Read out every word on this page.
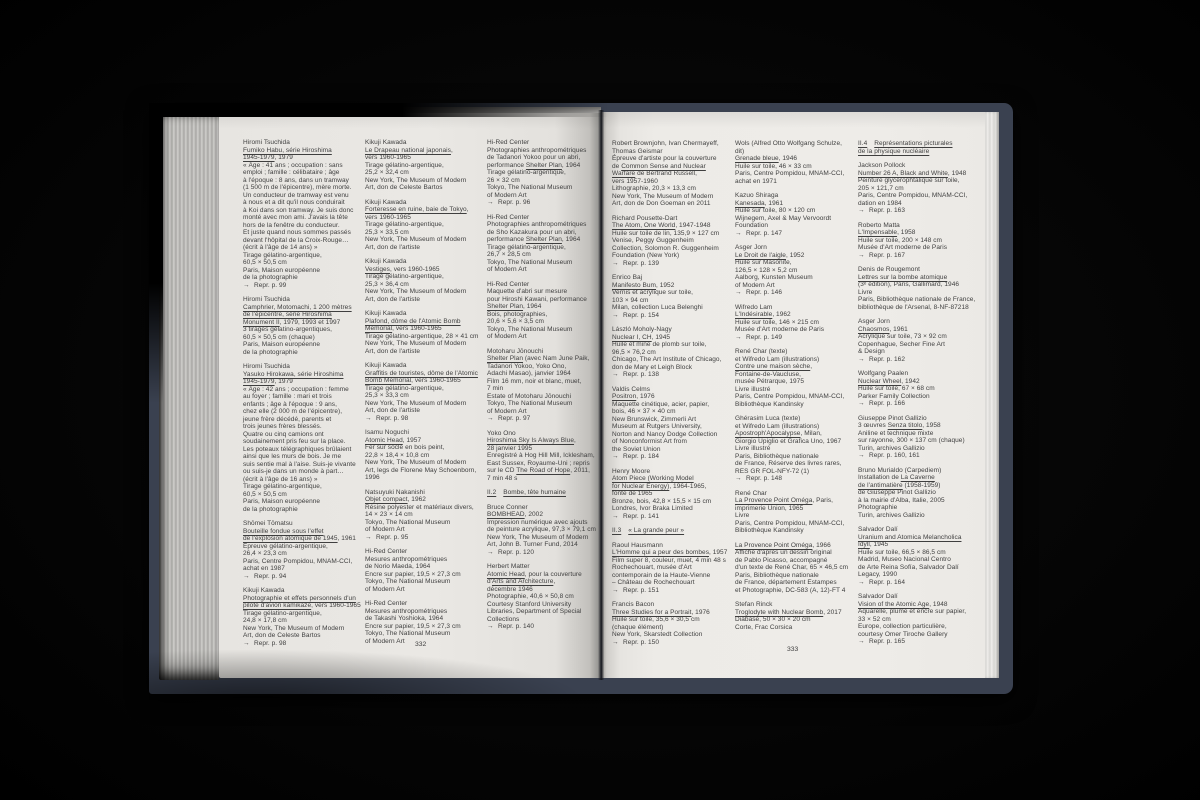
Hiromi Tsuchida
Fumiko Habu, série Hiroshima
1945-1979, 1979
« Âge : 41 ans ; occupation : sans
emploi ; famille : célibataire ; âge
à l'époque : 8 ans, dans un tramway
(1 500 m de l'épicentre), mère morte.
Un conducteur de tramway est venu
à nous et a dit qu'il nous conduirait
à Koi dans son tramway. Je suis donc
monté avec mon ami. J'avais la tête
hors de la fenêtre du conducteur.
Et juste quand nous sommes passés
devant l'hôpital de la Croix-Rouge…
(écrit à l'âge de 14 ans) »
Tirage gélatino-argentique,
60,5 × 50,5 cm
Paris, Maison européenne
de la photographie
→ Repr. p. 99
Hiromi Tsuchida
Camphrier, Motomachi, 1 200 mètres
de l'épicentre, série Hiroshima
Monument II, 1979, 1993 et 1997
3 tirages gélatino-argentiques,
60,5 × 50,5 cm (chaque)
Paris, Maison européenne
de la photographie
Hiromi Tsuchida
Yasuko Hirokawa, série Hiroshima
1945-1979, 1979
« Âge : 42 ans ; occupation : femme
au foyer ; famille : mari et trois
enfants ; âge à l'époque : 9 ans,
chez elle (2 000 m de l'épicentre),
jeune frère décédé, parents et
trois jeunes frères blessés.
Quatre ou cinq camions ont
soudainement pris feu sur la place.
Les poteaux télégraphiques brûlaient
ainsi que les murs de bois. Je me
suis sentie mal à l'aise. Suis-je vivante
ou suis-je dans un monde à part…
(écrit à l'âge de 16 ans) »
Tirage gélatino-argentique,
60,5 × 50,5 cm
Paris, Maison européenne
de la photographie
Shōmei Tōmatsu
Bouteille fondue sous l'effet
de l'explosion atomique de 1945, 1961
Épreuve gélatino-argentique,
26,4 × 23,3 cm
Paris, Centre Pompidou, MNAM-CCI,
achat en 1987
→ Repr. p. 94
Kikuji Kawada
Photographie et effets personnels d'un
pilote d'avion kamikaze, vers 1960-1965
Tirage gélatino-argentique,
24,8 × 17,8 cm
New York, The Museum of Modern
Art, don de Celeste Bartos
→ Repr. p. 98
Kikuji Kawada
Le Drapeau national japonais,
vers 1960-1965
Tirage gélatino-argentique,
25,2 × 32,4 cm
New York, The Museum of Modern
Art, don de Celeste Bartos
Kikuji Kawada
Forteresse en ruine, baie de Tokyo,
vers 1960-1965
Tirage gélatino-argentique,
25,3 × 33,5 cm
New York, The Museum of Modern
Art, don de l'artiste
Kikuji Kawada
Vestiges, vers 1960-1965
Tirage gélatino-argentique,
25,3 × 36,4 cm
New York, The Museum of Modern
Art, don de l'artiste
Kikuji Kawada
Plafond, dôme de l'Atomic Bomb
Memorial, vers 1960-1965
Tirage gélatino-argentique, 28 × 41 cm
New York, The Museum of Modern
Art, don de l'artiste
Kikuji Kawada
Graffitis de touristes, dôme de l'Atomic
Bomb Memorial, vers 1960-1965
Tirage gélatino-argentique,
25,3 × 33,3 cm
New York, The Museum of Modern
Art, don de l'artiste
→ Repr. p. 98
Isamu Noguchi
Atomic Head, 1957
Fer sur socle en bois peint,
22,8 × 18,4 × 10,8 cm
New York, The Museum of Modern
Art, legs de Florene May Schoenborn,
1996
Natsuyuki Nakanishi
Objet compact, 1962
Résine polyester et matériaux divers,
14 × 23 × 14 cm
Tokyo, The National Museum
of Modern Art
→ Repr. p. 95
Hi-Red Center
Mesures anthropométriques
de Norio Maeda, 1964
Encre sur papier, 19,5 × 27,3 cm
Tokyo, The National Museum
of Modern Art
Hi-Red Center
Mesures anthropométriques
de Takashi Yoshioka, 1964
Encre sur papier, 19,5 × 27,3 cm
Tokyo, The National Museum
of Modern Art
Hi-Red Center
Photographies anthropométriques
de Tadanori Yokoo pour un abri,
performance Shelter Plan, 1964
Tirage gélatino-argentique,
26 × 32 cm
Tokyo, The National Museum
of Modern Art
→ Repr. p. 96
Hi-Red Center
Photographies anthropométriques
de Sho Kazakura pour un abri,
performance Shelter Plan, 1964
Tirage gélatino-argentique,
26,7 × 28,5 cm
Tokyo, The National Museum
of Modern Art
Hi-Red Center
Maquette d'abri sur mesure
pour Hiroshi Kawani, performance
Shelter Plan, 1964
Bois, photographies,
20,6 × 5,6 × 3,5 cm
Tokyo, The National Museum
of Modern Art
Motoharu Jōnouchi
Shelter Plan (avec Nam June Paik,
Tadanori Yokoo, Yoko Ono,
Adachi Masao), janvier 1964
Film 16 mm, noir et blanc, muet,
7 min
Estate of Motoharu Jōnouchi
Tokyo, The National Museum
of Modern Art
→ Repr. p. 97
Yoko Ono
Hiroshima Sky Is Always Blue,
28 janvier 1995
Enregistré à Hog Hill Mill, Icklesham,
East Sussex, Royaume-Uni ; repris
sur le CD The Road of Hope, 2011,
7 min 48 s
II.2 Bombe, tête humaine
Bruce Conner
BOMBHEAD, 2002
Impression numérique avec ajouts
de peinture acrylique, 97,3 × 79,1 cm
New York, The Museum of Modern
Art, John B. Turner Fund, 2014
→ Repr. p. 120
Herbert Matter
Atomic Head, pour la couverture
d'Arts and Architecture,
décembre 1946
Photographie, 40,6 × 50,8 cm
Courtesy Stanford University
Libraries, Department of Special
Collections
→ Repr. p. 140
332
Robert Brownjohn, Ivan Chermayeff,
Thomas Geismar
Épreuve d'artiste pour la couverture
de Common Sense and Nuclear
Warfare de Bertrand Russell,
vers 1957-1960
Lithographie, 20,3 × 13,3 cm
New York, The Museum of Modern
Art, don de Don Goeman en 2011
Richard Pousette-Dart
The Atom, One World, 1947-1948
Huile sur toile de lin, 135,9 × 127 cm
Venise, Peggy Guggenheim
Collection, Solomon R. Guggenheim
Foundation (New York)
→ Repr. p. 139
Enrico Baj
Manifesto Bum, 1952
Vernis et acrylique sur toile,
103 × 94 cm
Milan, collection Luca Belenghi
→ Repr. p. 154
László Moholy-Nagy
Nuclear I, CH, 1945
Huile et mine de plomb sur toile,
96,5 × 76,2 cm
Chicago, The Art Institute of Chicago,
don de Mary et Leigh Block
→ Repr. p. 138
Valdis Celms
Positron, 1976
Maquette cinétique, acier, papier,
bois, 46 × 37 × 40 cm
New Brunswick, Zimmerli Art
Museum at Rutgers University,
Norton and Nancy Dodge Collection
of Nonconformist Art from
the Soviet Union
→ Repr. p. 184
Henry Moore
Atom Piece (Working Model
for Nuclear Energy), 1964-1965,
fonte de 1965
Bronze, bois, 42,8 × 15,5 × 15 cm
Londres, Ivor Braka Limited
→ Repr. p. 141
II.3 « La grande peur »
Raoul Hausmann
L'Homme qui a peur des bombes, 1957
Film super 8, couleur, muet, 4 min 48 s
Rochechouart, musée d'Art
contemporain de la Haute-Vienne
– Château de Rochechouart
→ Repr. p. 151
Francis Bacon
Three Studies for a Portrait, 1976
Huile sur toile, 35,6 × 30,5 cm
(chaque élément)
New York, Skarstedt Collection
→ Repr. p. 150
Wols (Alfred Otto Wolfgang Schulze,
dit)
Grenade bleue, 1946
Huile sur toile, 46 × 33 cm
Paris, Centre Pompidou, MNAM-CCI,
achat en 1971
Kazuo Shiraga
Kanesada, 1961
Huile sur toile, 80 × 120 cm
Wijnegem, Axel & May Vervoordt
Foundation
→ Repr. p. 147
Asger Jorn
Le Droit de l'aigle, 1952
Huile sur Masonite,
126,5 × 128 × 5,2 cm
Aalborg, Kunsten Museum
of Modern Art
→ Repr. p. 146
Wifredo Lam
L'Indésirable, 1962
Huile sur toile, 146 × 215 cm
Musée d'Art moderne de Paris
→ Repr. p. 149
René Char (texte)
et Wifredo Lam (illustrations)
Contre une maison sèche,
Fontaine-de-Vaucluse,
musée Pétrarque, 1975
Livre illustré
Paris, Centre Pompidou, MNAM-CCI,
Bibliothèque Kandinsky
Ghérasim Luca (texte)
et Wifredo Lam (illustrations)
Apostroph'Apocalypse, Milan,
Giorgio Upiglio et Grafica Uno, 1967
Livre illustré
Paris, Bibliothèque nationale
de France, Réserve des livres rares,
RES GR FOL-NFY-72 (1)
→ Repr. p. 148
René Char
La Provence Point Oméga, Paris,
imprimerie Union, 1965
Livre
Paris, Centre Pompidou, MNAM-CCI,
Bibliothèque Kandinsky
La Provence Point Oméga, 1966
Affiche d'après un dessin original
de Pablo Picasso, accompagné
d'un texte de René Char, 65 × 46,5 cm
Paris, Bibliothèque nationale
de France, département Estampes
et Photographie, DC-583 (A, 12)-FT 4
Stefan Rinck
Troglodyte with Nuclear Bomb, 2017
Diabase, 50 × 30 × 20 cm
Corte, Frac Corsica
II.4 Représentations picturales
de la physique nucléaire
Jackson Pollock
Number 26 A, Black and White, 1948
Peinture glycérophtalique sur toile,
205 × 121,7 cm
Paris, Centre Pompidou, MNAM-CCI,
dation en 1984
→ Repr. p. 163
Roberto Matta
L'Impensable, 1958
Huile sur toile, 200 × 148 cm
Musée d'Art moderne de Paris
→ Repr. p. 167
Denis de Rougemont
Lettres sur la bombe atomique
(3ᵉ édition), Paris, Gallimard, 1946
Livre
Paris, Bibliothèque nationale de France,
bibliothèque de l'Arsenal, 8-NF-87218
Asger Jorn
Chaosmos, 1961
Acrylique sur toile, 73 × 92 cm
Copenhague, Secher Fine Art
& Design
→ Repr. p. 162
Wolfgang Paalen
Nuclear Wheel, 1942
Huile sur toile, 67 × 68 cm
Parker Family Collection
→ Repr. p. 166
Giuseppe Pinot Gallizio
3 œuvres Senza titolo, 1958
Aniline et technique mixte
sur rayonne, 300 × 137 cm (chaque)
Turin, archives Gallizio
→ Repr. p. 160, 161
Bruno Murialdo (Carpediem)
Installation de La Caverne
de l'antimatière (1958-1959)
de Giuseppe Pinot Gallizio
à la mairie d'Alba, Italie, 2005
Photographie
Turin, archives Gallizio
Salvador Dalí
Uranium and Atomica Melancholica
Idyll, 1945
Huile sur toile, 66,5 × 86,5 cm
Madrid, Museo Nacional Centro
de Arte Reina Sofía, Salvador Dalí
Legacy, 1990
→ Repr. p. 164
Salvador Dalí
Vision of the Atomic Age, 1948
Aquarelle, plume et encre sur papier,
33 × 52 cm
Europe, collection particulière,
courtesy Omer Tiroche Gallery
→ Repr. p. 165
333
